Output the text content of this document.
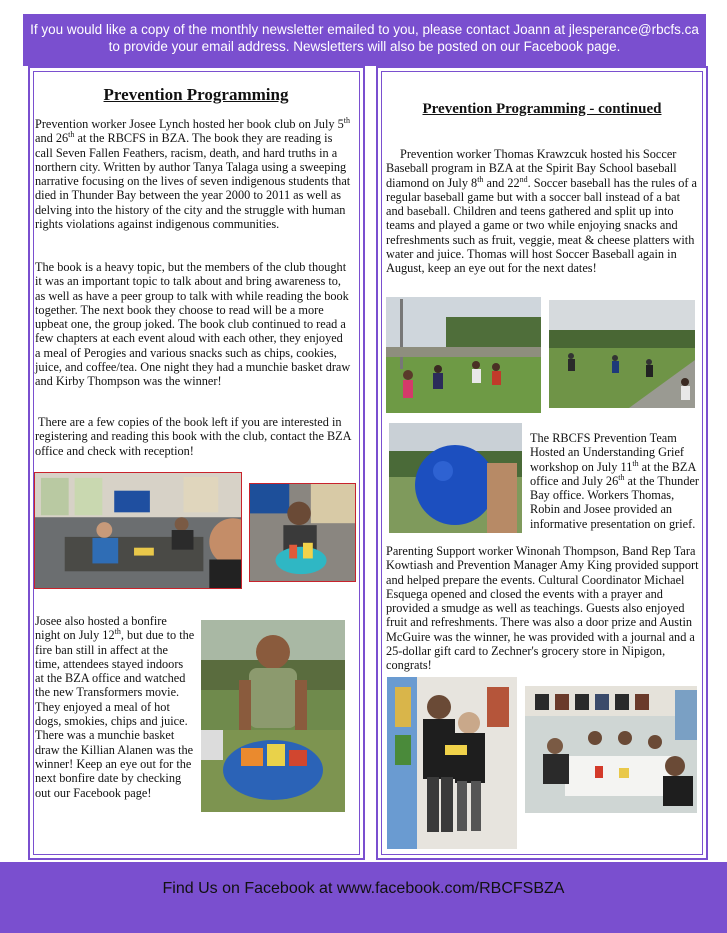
If you would like a copy of the monthly newsletter emailed to you, please contact Joann at jlesperance@rbcfs.ca to provide your email address. Newsletters will also be posted on our Facebook page.
Prevention Programming
Prevention worker Josee Lynch hosted her book club on July 5th and 26th at the RBCFS in BZA. The book they are reading is call Seven Fallen Feathers, racism, death, and hard truths in a northern city. Written by author Tanya Talaga using a sweeping narrative focusing on the lives of seven indigenous students that died in Thunder Bay between the year 2000 to 2011 as well as delving into the history of the city and the struggle with human rights violations against indigenous communities.
The book is a heavy topic, but the members of the club thought it was an important topic to talk about and bring awareness to, as well as have a peer group to talk with while reading the book together. The next book they choose to read will be a more upbeat one, the group joked. The book club continued to read a few chapters at each event aloud with each other, they enjoyed a meal of Perogies and various snacks such as chips, cookies, juice, and coffee/tea. One night they had a munchie basket draw and Kirby Thompson was the winner!
There are a few copies of the book left if you are interested in registering and reading this book with the club, contact the BZA office and check with reception!
Josee also hosted a bonfire night on July 12th, but due to the fire ban still in affect at the time, attendees stayed indoors at the BZA office and watched the new Transformers movie. They enjoyed a meal of hot dogs, smokies, chips and juice. There was a munchie basket draw the Killian Alanen was the winner! Keep an eye out for the next bonfire date by checking out our Facebook page!
Prevention Programming - continued
Prevention worker Thomas Krawzcuk hosted his Soccer Baseball program in BZA at the Spirit Bay School baseball diamond on July 8th and 22nd. Soccer baseball has the rules of a regular baseball game but with a soccer ball instead of a bat and baseball. Children and teens gathered and split up into teams and played a game or two while enjoying snacks and refreshments such as fruit, veggie, meat & cheese platters with water and juice. Thomas will host Soccer Baseball again in August, keep an eye out for the next dates!
The RBCFS Prevention Team Hosted an Understanding Grief workshop on July 11th at the BZA office and July 26th at the Thunder Bay office. Workers Thomas, Robin and Josee provided an informative presentation on grief.
Parenting Support worker Winonah Thompson, Band Rep Tara Kowtiash and Prevention Manager Amy King provided support and helped prepare the events. Cultural Coordinator Michael Esquega opened and closed the events with a prayer and provided a smudge as well as teachings. Guests also enjoyed fruit and refreshments. There was also a door prize and Austin McGuire was the winner, he was provided with a journal and a 25-dollar gift card to Zechner's grocery store in Nipigon, congrats!
Find Us on Facebook at www.facebook.com/RBCFSBZA
